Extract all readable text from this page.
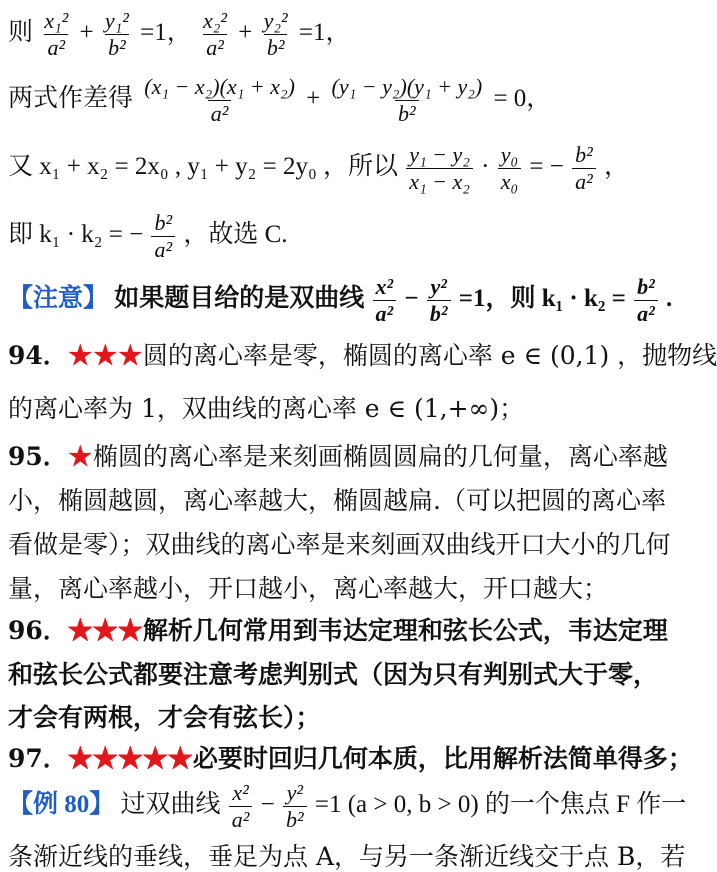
则 $\frac{\text{x₁²}}{\text{a²}} + \frac{\text{y₁²}}{\text{b²}} =1$， $\frac{\text{x₂²}}{\text{a²}} + \frac{\text{y₂²}}{\text{b²}} =1$，
两式作差得 $\frac{\text{(x₁ − x₂)(x₁ + x₂)}}{\text{a²}} + \frac{\text{(y₁ − y₂)(y₁ + y₂)}}{\text{b²}} = 0$，
又 x₁ + x₂ = 2x₀ , y₁ + y₂ = 2y₀ ，所以 $\frac{\text{y₁ − y₂}}{\text{x₁ − x₂}} \cdot \frac{\text{y₀}}{\text{x₀}}$ = − $\frac{\text{b²}}{\text{a²}}$ ，
即 k₁ · k₂ = − $\frac{\text{b²}}{\text{a²}}$ ，故选 C.
【注意】 如果题目给的是双曲线 $\frac{\text{x²}}{\text{a²}} - \frac{\text{y²}}{\text{b²}} =1$，则 $k_1 \cdot k_2 = \frac{\text{b²}}{\text{a²}}$ .
94．★★★圆的离心率是零，椭圆的离心率 e ∈ (0,1) ，抛物线
的离心率为 1，双曲线的离心率 e ∈ (1,+∞)；
95．★椭圆的离心率是来刻画椭圆圆扁的几何量，离心率越
小，椭圆越圆，离心率越大，椭圆越扁.（可以把圆的离心率
看做是零）；双曲线的离心率是来刻画双曲线开口大小的几何
量，离心率越小，开口越小，离心率越大，开口越大；
96．★★★解析几何常用到韦达定理和弦长公式，韦达定理
和弦长公式都要注意考虑判别式（因为只有判别式大于零，
才会有两根，才会有弦长）；
97．★★★★★必要时回归几何本质，比用解析法简单得多；
【例 80】 过双曲线 $\frac{\text{x²}}{\text{a²}} - \frac{\text{y²}}{\text{b²}} =1$ (a > 0, b > 0) 的一个焦点 F 作一
条渐近线的垂线，垂足为点 A，与另一条渐近线交于点 B，若
